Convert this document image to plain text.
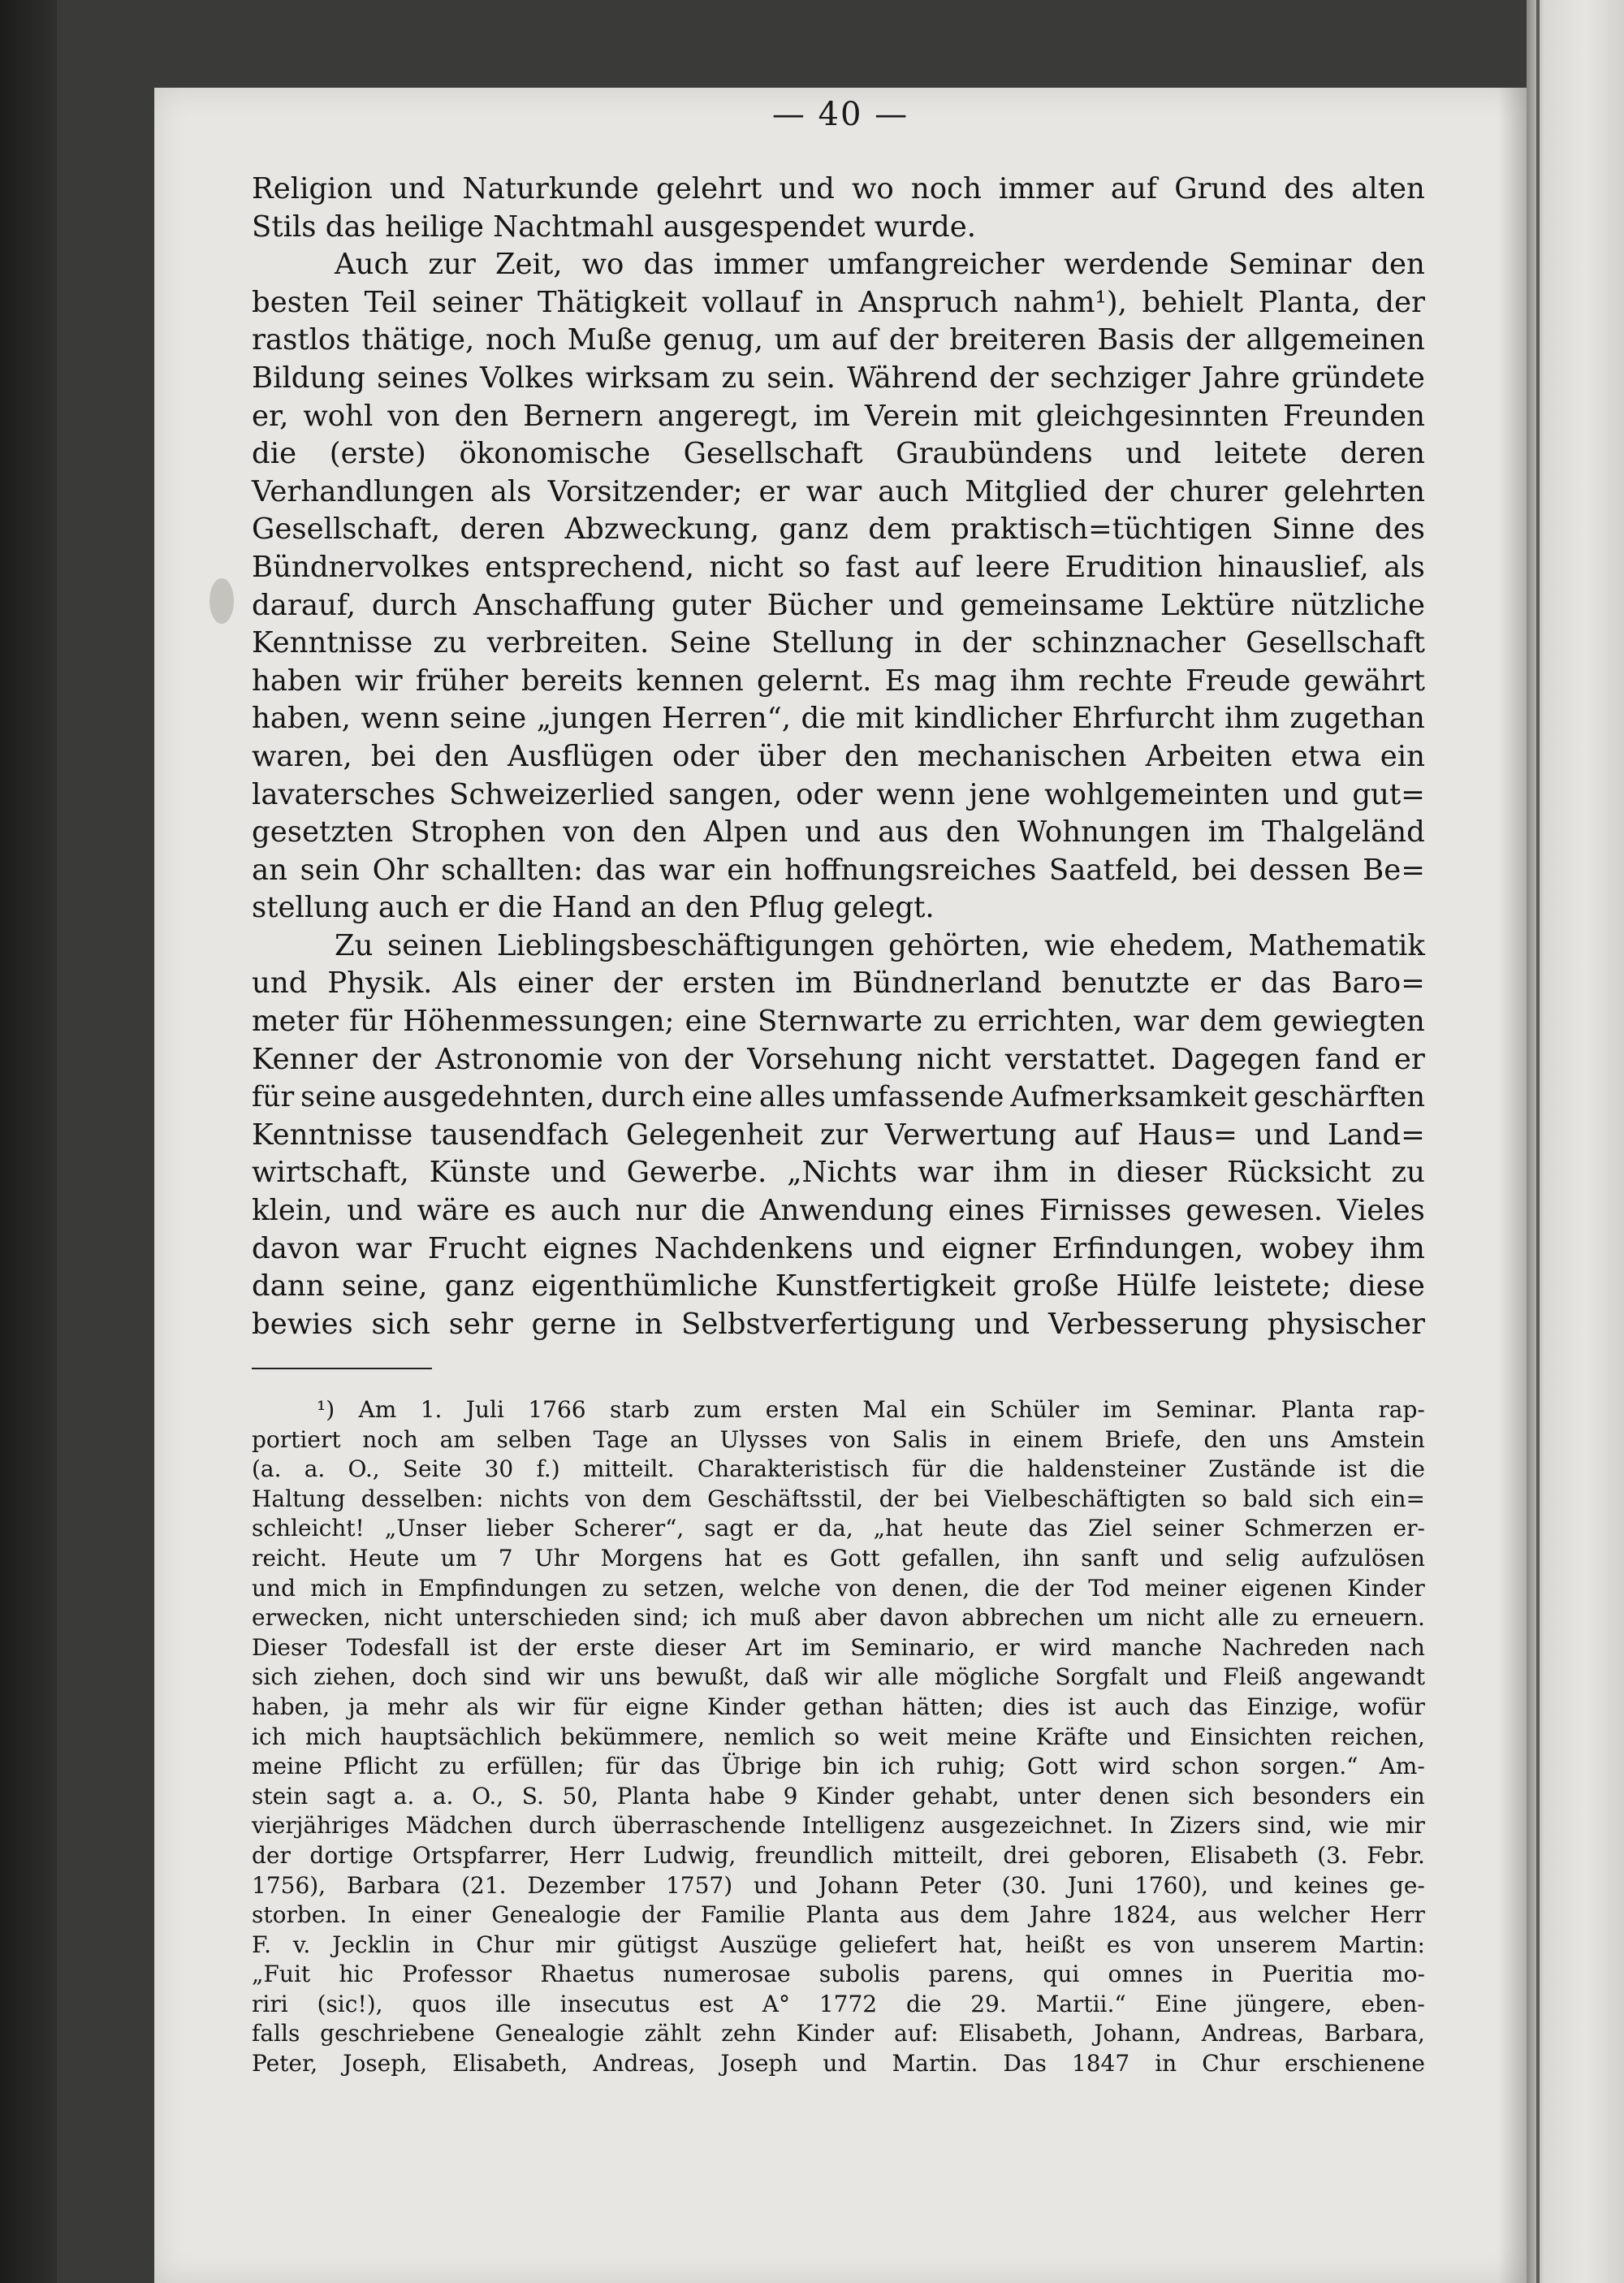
— 40 —
Religion und Naturkunde gelehrt und wo noch immer auf Grund des alten
Stils das heilige Nachtmahl ausgespendet wurde.
Auch zur Zeit, wo das immer umfangreicher werdende Seminar den
besten Teil seiner Thätigkeit vollauf in Anspruch nahm¹), behielt Planta, der
rastlos thätige, noch Muße genug, um auf der breiteren Basis der allgemeinen
Bildung seines Volkes wirksam zu sein. Während der sechziger Jahre gründete
er, wohl von den Bernern angeregt, im Verein mit gleichgesinnten Freunden
die (erste) ökonomische Gesellschaft Graubündens und leitete deren
Verhandlungen als Vorsitzender; er war auch Mitglied der churer gelehrten
Gesellschaft, deren Abzweckung, ganz dem praktisch=tüchtigen Sinne des
Bündnervolkes entsprechend, nicht so fast auf leere Erudition hinauslief, als
darauf, durch Anschaffung guter Bücher und gemeinsame Lektüre nützliche
Kenntnisse zu verbreiten. Seine Stellung in der schinznacher Gesellschaft
haben wir früher bereits kennen gelernt. Es mag ihm rechte Freude gewährt
haben, wenn seine „jungen Herren“, die mit kindlicher Ehrfurcht ihm zugethan
waren, bei den Ausflügen oder über den mechanischen Arbeiten etwa ein
lavatersches Schweizerlied sangen, oder wenn jene wohlgemeinten und gut=
gesetzten Strophen von den Alpen und aus den Wohnungen im Thalgeländ
an sein Ohr schallten: das war ein hoffnungsreiches Saatfeld, bei dessen Be=
stellung auch er die Hand an den Pflug gelegt.
Zu seinen Lieblingsbeschäftigungen gehörten, wie ehedem, Mathematik
und Physik. Als einer der ersten im Bündnerland benutzte er das Baro=
meter für Höhenmessungen; eine Sternwarte zu errichten, war dem gewiegten
Kenner der Astronomie von der Vorsehung nicht verstattet. Dagegen fand er
für seine ausgedehnten, durch eine alles umfassende Aufmerksamkeit geschärften
Kenntnisse tausendfach Gelegenheit zur Verwertung auf Haus= und Land=
wirtschaft, Künste und Gewerbe. „Nichts war ihm in dieser Rücksicht zu
klein, und wäre es auch nur die Anwendung eines Firnisses gewesen. Vieles
davon war Frucht eignes Nachdenkens und eigner Erfindungen, wobey ihm
dann seine, ganz eigenthümliche Kunstfertigkeit große Hülfe leistete; diese
bewies sich sehr gerne in Selbstverfertigung und Verbesserung physischer
¹) Am 1. Juli 1766 starb zum ersten Mal ein Schüler im Seminar. Planta rap-
portiert noch am selben Tage an Ulysses von Salis in einem Briefe, den uns Amstein
(a. a. O., Seite 30 f.) mitteilt. Charakteristisch für die haldensteiner Zustände ist die
Haltung desselben: nichts von dem Geschäftsstil, der bei Vielbeschäftigten so bald sich ein=
schleicht! „Unser lieber Scherer“, sagt er da, „hat heute das Ziel seiner Schmerzen er-
reicht. Heute um 7 Uhr Morgens hat es Gott gefallen, ihn sanft und selig aufzulösen
und mich in Empfindungen zu setzen, welche von denen, die der Tod meiner eigenen Kinder
erwecken, nicht unterschieden sind; ich muß aber davon abbrechen um nicht alle zu erneuern.
Dieser Todesfall ist der erste dieser Art im Seminario, er wird manche Nachreden nach
sich ziehen, doch sind wir uns bewußt, daß wir alle mögliche Sorgfalt und Fleiß angewandt
haben, ja mehr als wir für eigne Kinder gethan hätten; dies ist auch das Einzige, wofür
ich mich hauptsächlich bekümmere, nemlich so weit meine Kräfte und Einsichten reichen,
meine Pflicht zu erfüllen; für das Übrige bin ich ruhig; Gott wird schon sorgen.“ Am-
stein sagt a. a. O., S. 50, Planta habe 9 Kinder gehabt, unter denen sich besonders ein
vierjähriges Mädchen durch überraschende Intelligenz ausgezeichnet. In Zizers sind, wie mir
der dortige Ortspfarrer, Herr Ludwig, freundlich mitteilt, drei geboren, Elisabeth (3. Febr.
1756), Barbara (21. Dezember 1757) und Johann Peter (30. Juni 1760), und keines ge-
storben. In einer Genealogie der Familie Planta aus dem Jahre 1824, aus welcher Herr
F. v. Jecklin in Chur mir gütigst Auszüge geliefert hat, heißt es von unserem Martin:
„Fuit hic Professor Rhaetus numerosae subolis parens, qui omnes in Pueritia mo-
riri (sic!), quos ille insecutus est A° 1772 die 29. Martii.“ Eine jüngere, eben-
falls geschriebene Genealogie zählt zehn Kinder auf: Elisabeth, Johann, Andreas, Barbara,
Peter, Joseph, Elisabeth, Andreas, Joseph und Martin. Das 1847 in Chur erschienene
